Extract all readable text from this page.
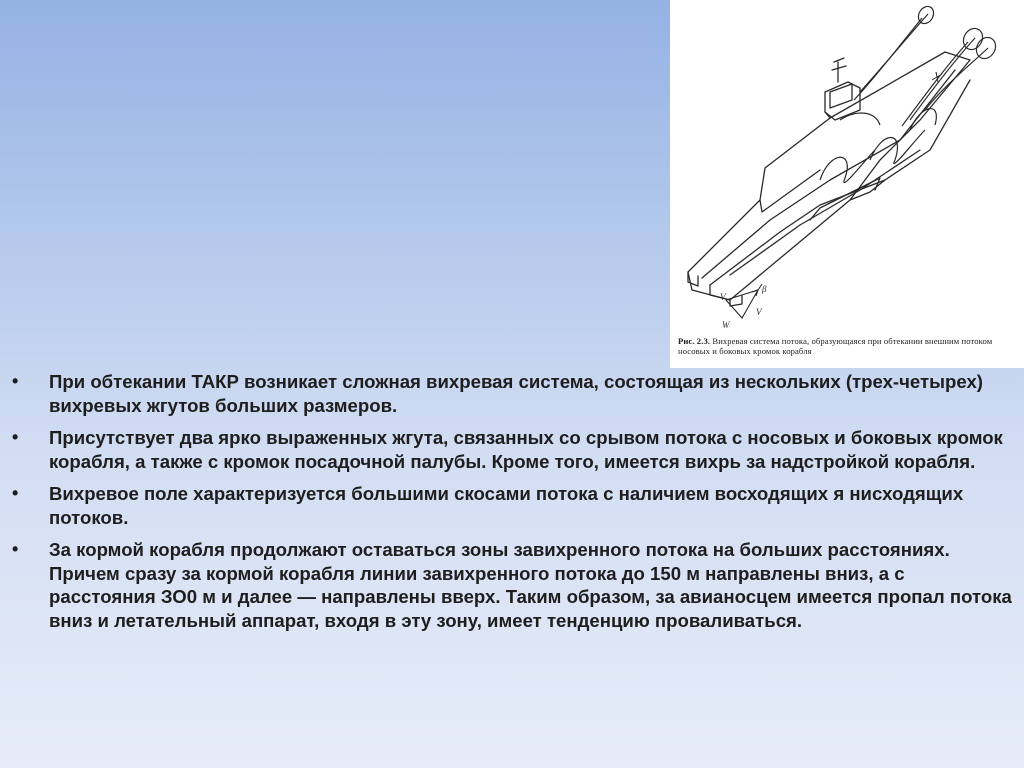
V
β
V
W
Рис. 2.3. Вихревая система потока, образующаяся при обтекании внешним потоком носовых и боковых кромок корабля
• При обтекании ТАКР возникает сложная вихревая система, состоящая из нескольких (трех-четырех) вихревых жгутов больших размеров.
• Присутствует два ярко выраженных жгута, связанных со срывом потока с носовых и боковых кромок корабля, а также с кромок посадочной палубы. Кроме того, имеется вихрь за надстройкой корабля.
• Вихревое поле характеризуется большими скосами потока с наличием восходящих я нисходящих потоков.
• За кормой корабля продолжают оставаться зоны завихренного потока на больших расстояниях. Причем сразу за кормой корабля линии завихренного потока до 150 м направлены вниз, а с расстояния ЗО0 м и далее — направлены вверх. Таким образом, за авианосцем имеется пропал потока вниз и летательный аппарат, входя в эту зону, имеет тенденцию проваливаться.
